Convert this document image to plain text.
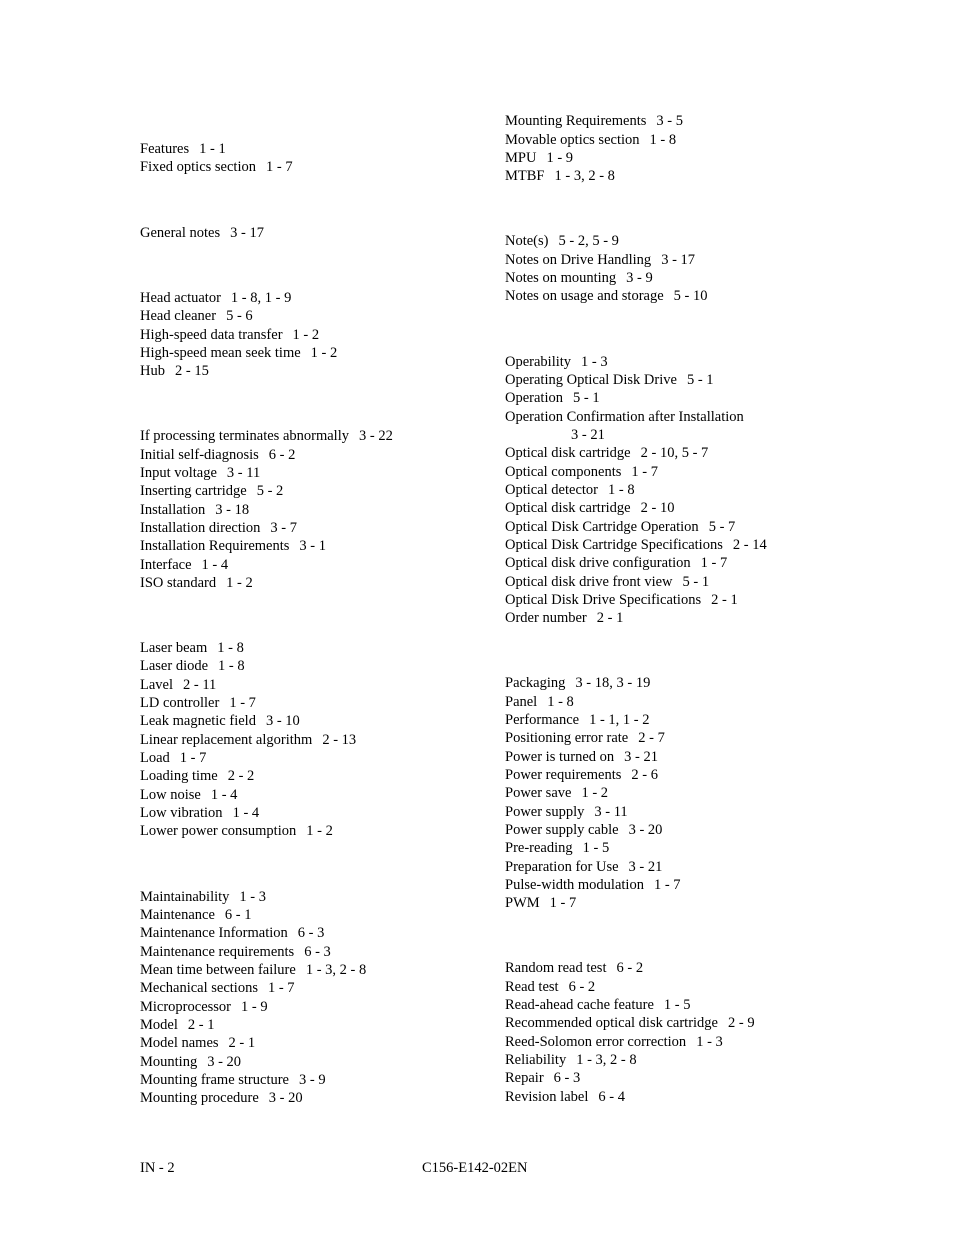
Features 1 - 1
Fixed optics section 1 - 7
General notes 3 - 17
Head actuator 1 - 8, 1 - 9
Head cleaner 5 - 6
High-speed data transfer 1 - 2
High-speed mean seek time 1 - 2
Hub 2 - 15
If processing terminates abnormally 3 - 22
Initial self-diagnosis 6 - 2
Input voltage 3 - 11
Inserting cartridge 5 - 2
Installation 3 - 18
Installation direction 3 - 7
Installation Requirements 3 - 1
Interface 1 - 4
ISO standard 1 - 2
Laser beam 1 - 8
Laser diode 1 - 8
Lavel 2 - 11
LD controller 1 - 7
Leak magnetic field 3 - 10
Linear replacement algorithm 2 - 13
Load 1 - 7
Loading time 2 - 2
Low noise 1 - 4
Low vibration 1 - 4
Lower power consumption 1 - 2
Maintainability 1 - 3
Maintenance 6 - 1
Maintenance Information 6 - 3
Maintenance requirements 6 - 3
Mean time between failure 1 - 3, 2 - 8
Mechanical sections 1 - 7
Microprocessor 1 - 9
Model 2 - 1
Model names 2 - 1
Mounting 3 - 20
Mounting frame structure 3 - 9
Mounting procedure 3 - 20
Mounting Requirements 3 - 5
Movable optics section 1 - 8
MPU 1 - 9
MTBF 1 - 3, 2 - 8
Note(s) 5 - 2, 5 - 9
Notes on Drive Handling 3 - 17
Notes on mounting 3 - 9
Notes on usage and storage 5 - 10
Operability 1 - 3
Operating Optical Disk Drive 5 - 1
Operation 5 - 1
Operation Confirmation after Installation
3 - 21
Optical disk cartridge 2 - 10, 5 - 7
Optical components 1 - 7
Optical detector 1 - 8
Optical disk cartridge 2 - 10
Optical Disk Cartridge Operation 5 - 7
Optical Disk Cartridge Specifications 2 - 14
Optical disk drive configuration 1 - 7
Optical disk drive front view 5 - 1
Optical Disk Drive Specifications 2 - 1
Order number 2 - 1
Packaging 3 - 18, 3 - 19
Panel 1 - 8
Performance 1 - 1, 1 - 2
Positioning error rate 2 - 7
Power is turned on 3 - 21
Power requirements 2 - 6
Power save 1 - 2
Power supply 3 - 11
Power supply cable 3 - 20
Pre-reading 1 - 5
Preparation for Use 3 - 21
Pulse-width modulation 1 - 7
PWM 1 - 7
Random read test 6 - 2
Read test 6 - 2
Read-ahead cache feature 1 - 5
Recommended optical disk cartridge 2 - 9
Reed-Solomon error correction 1 - 3
Reliability 1 - 3, 2 - 8
Repair 6 - 3
Revision label 6 - 4
IN - 2	C156-E142-02EN
